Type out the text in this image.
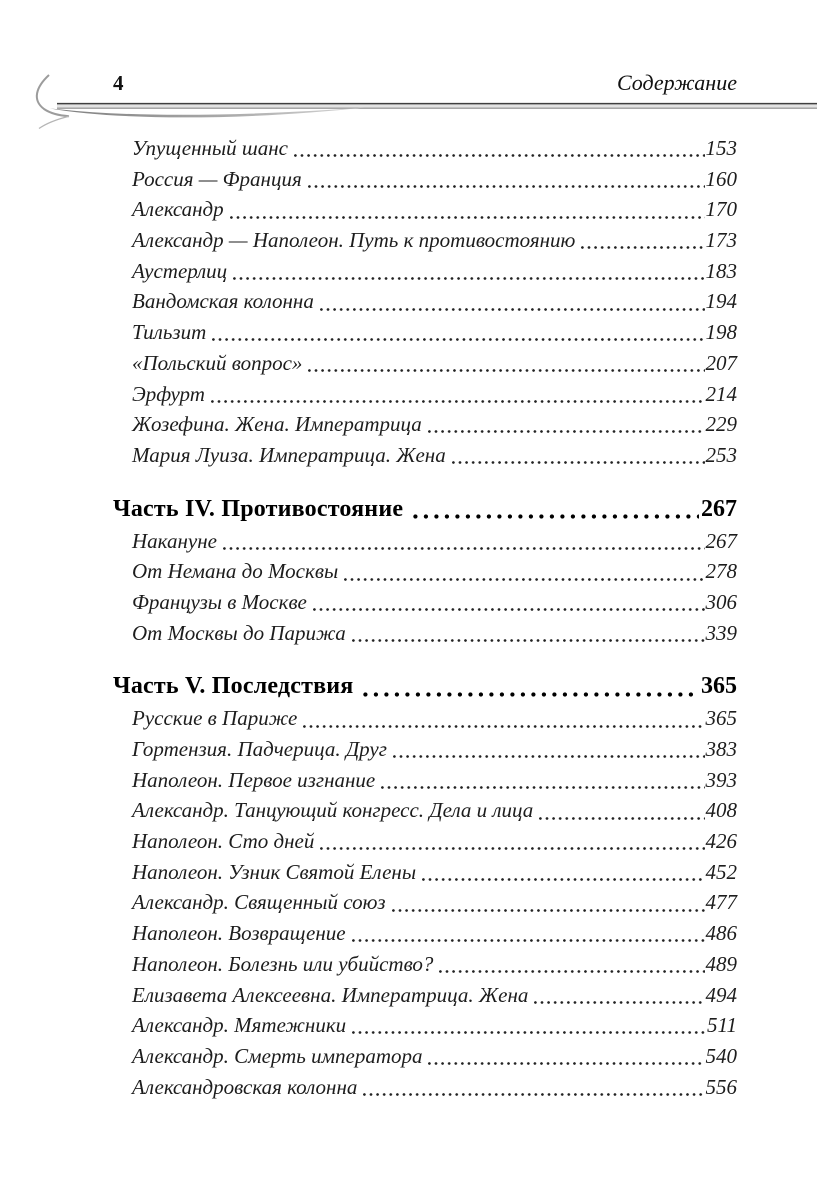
4	Содержание
Упущенный шанс	153
Россия — Франция	160
Александр	170
Александр — Наполеон. Путь к противостоянию	173
Аустерлиц	183
Вандомская колонна	194
Тильзит	198
«Польский вопрос»	207
Эрфурт	214
Жозефина. Жена. Императрица	229
Мария Луиза. Императрица. Жена	253
Часть IV. Противостояние	267
Накануне	267
От Немана до Москвы	278
Французы в Москве	306
От Москвы до Парижа	339
Часть V. Последствия	365
Русские в Париже	365
Гортензия. Падчерица. Друг	383
Наполеон. Первое изгнание	393
Александр. Танцующий конгресс. Дела и лица	408
Наполеон. Сто дней	426
Наполеон. Узник Святой Елены	452
Александр. Священный союз	477
Наполеон. Возвращение	486
Наполеон. Болезнь или убийство?	489
Елизавета Алексеевна. Императрица. Жена	494
Александр. Мятежники	511
Александр. Смерть императора	540
Александровская колонна	556
